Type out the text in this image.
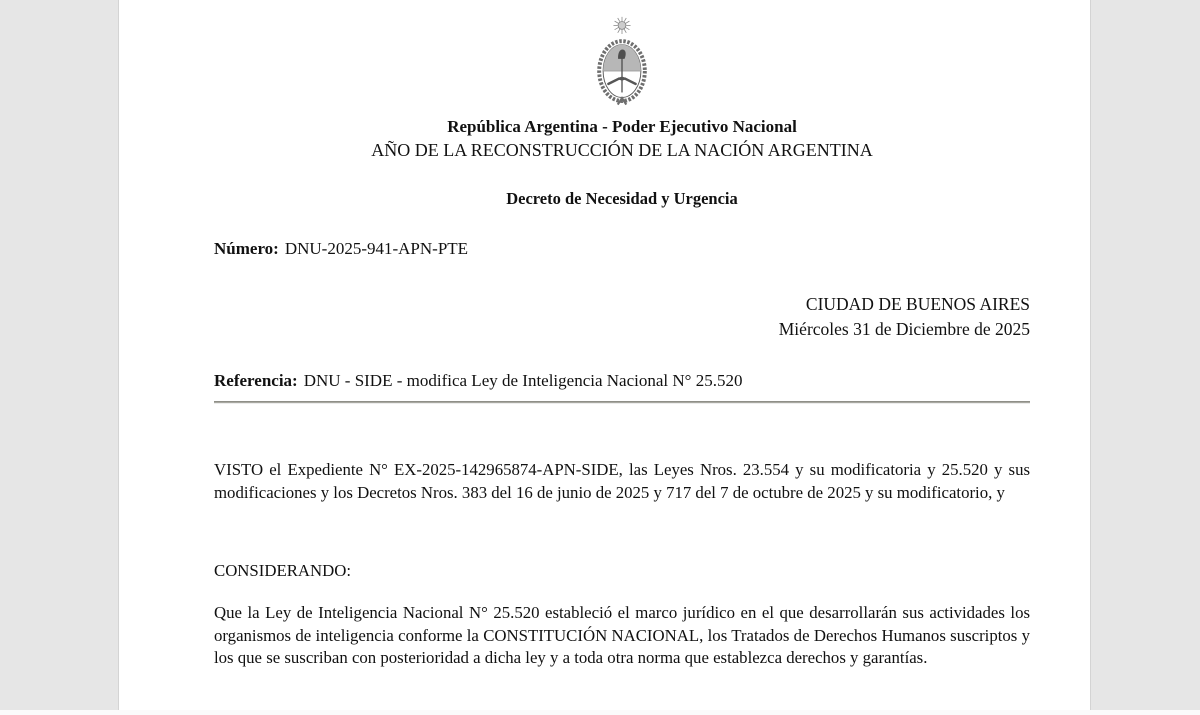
República Argentina - Poder Ejecutivo Nacional
AÑO DE LA RECONSTRUCCIÓN DE LA NACIÓN ARGENTINA
Decreto de Necesidad y Urgencia
Número: DNU-2025-941-APN-PTE
CIUDAD DE BUENOS AIRES
Miércoles 31 de Diciembre de 2025
Referencia: DNU - SIDE - modifica Ley de Inteligencia Nacional N° 25.520

VISTO el Expediente N° EX-2025-142965874-APN-SIDE, las Leyes Nros. 23.554 y su modificatoria y 25.520 y sus modificaciones y los Decretos Nros. 383 del 16 de junio de 2025 y 717 del 7 de octubre de 2025 y su modificatorio, y

CONSIDERANDO:

Que la Ley de Inteligencia Nacional N° 25.520 estableció el marco jurídico en el que desarrollarán sus actividades los organismos de inteligencia conforme la CONSTITUCIÓN NACIONAL, los Tratados de Derechos Humanos suscriptos y los que se suscriban con posterioridad a dicha ley y a toda otra norma que establezca derechos y garantías.
